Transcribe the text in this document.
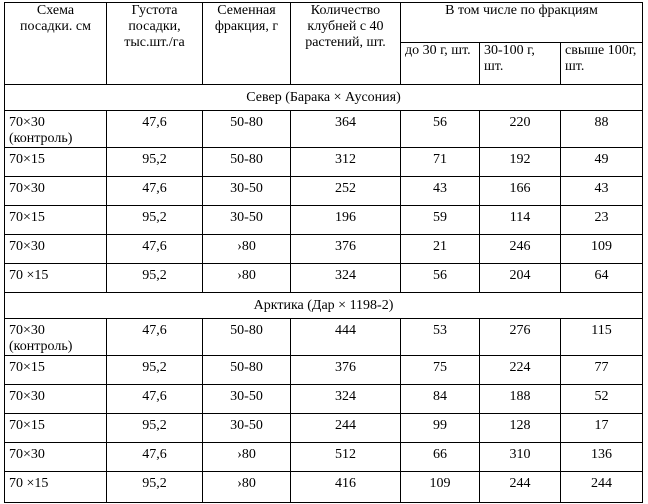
Схема посадки. см	Густота посадки, тыс.шт./га	Семенная фракция, г	Количество клубней с 40 растений, шт.	В том числе по фракциям		
				до 30 г, шт.	30-100 г, шт.	свыше 100г, шт.
Север (Барака × Аусония)						
70×30 (контроль)	47,6	50-80	364	56	220	88
70×15	95,2	50-80	312	71	192	49
70×30	47,6	30-50	252	43	166	43
70×15	95,2	30-50	196	59	114	23
70×30	47,6	›80	376	21	246	109
70 ×15	95,2	›80	324	56	204	64
Арктика (Дар × 1198-2)						
70×30 (контроль)	47,6	50-80	444	53	276	115
70×15	95,2	50-80	376	75	224	77
70×30	47,6	30-50	324	84	188	52
70×15	95,2	30-50	244	99	128	17
70×30	47,6	›80	512	66	310	136
70 ×15	95,2	›80	416	109	244	244
